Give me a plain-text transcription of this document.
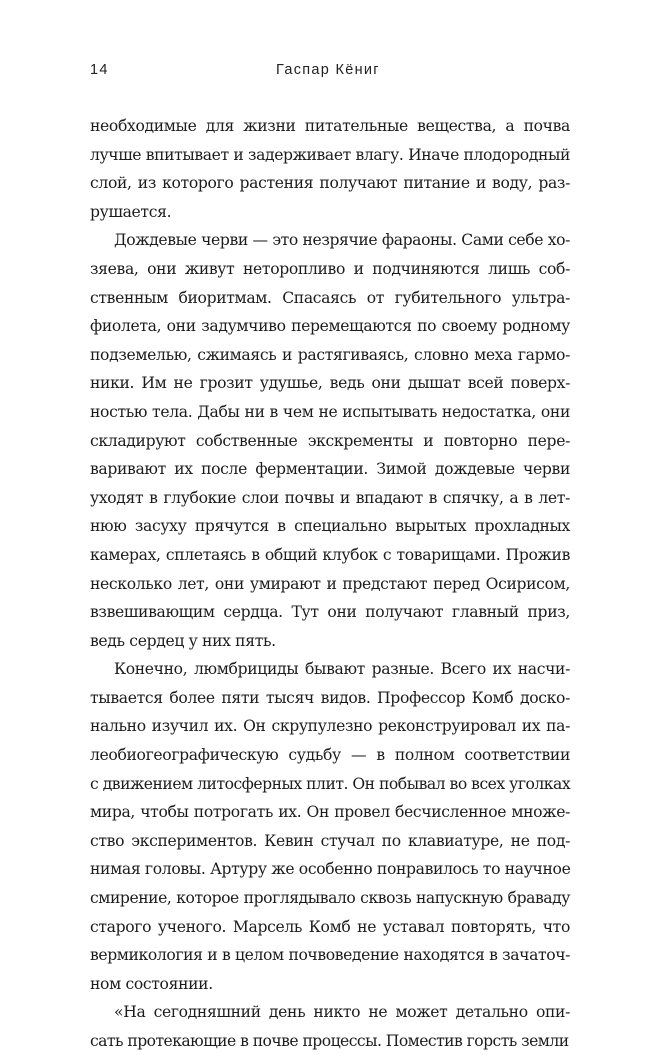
14	Гаспар Кёниг
необходимые для жизни питательные вещества, а почва
лучше впитывает и задерживает влагу. Иначе плодородный
слой, из которого растения получают питание и воду, раз-
рушается.
Дождевые черви — это незрячие фараоны. Сами себе хо-
зяева, они живут неторопливо и подчиняются лишь соб-
ственным биоритмам. Спасаясь от губительного ультра-
фиолета, они задумчиво перемещаются по своему родному
подземелью, сжимаясь и растягиваясь, словно меха гармо-
ники. Им не грозит удушье, ведь они дышат всей поверх-
ностью тела. Дабы ни в чем не испытывать недостатка, они
складируют собственные экскременты и повторно пере-
варивают их после ферментации. Зимой дождевые черви
уходят в глубокие слои почвы и впадают в спячку, а в лет-
нюю засуху прячутся в специально вырытых прохладных
камерах, сплетаясь в общий клубок с товарищами. Прожив
несколько лет, они умирают и предстают перед Осирисом,
взвешивающим сердца. Тут они получают главный приз,
ведь сердец у них пять.
Конечно, люмбрициды бывают разные. Всего их насчи-
тывается более пяти тысяч видов. Профессор Комб доско-
нально изучил их. Он скрупулезно реконструировал их па-
леобиогеографическую судьбу — в полном соответствии
с движением литосферных плит. Он побывал во всех уголках
мира, чтобы потрогать их. Он провел бесчисленное множе-
ство экспериментов. Кевин стучал по клавиатуре, не под-
нимая головы. Артуру же особенно понравилось то научное
смирение, которое проглядывало сквозь напускную браваду
старого ученого. Марсель Комб не уставал повторять, что
вермикология и в целом почвоведение находятся в зачаточ-
ном состоянии.
«На сегодняшний день никто не может детально опи-
сать протекающие в почве процессы. Поместив горсть земли
